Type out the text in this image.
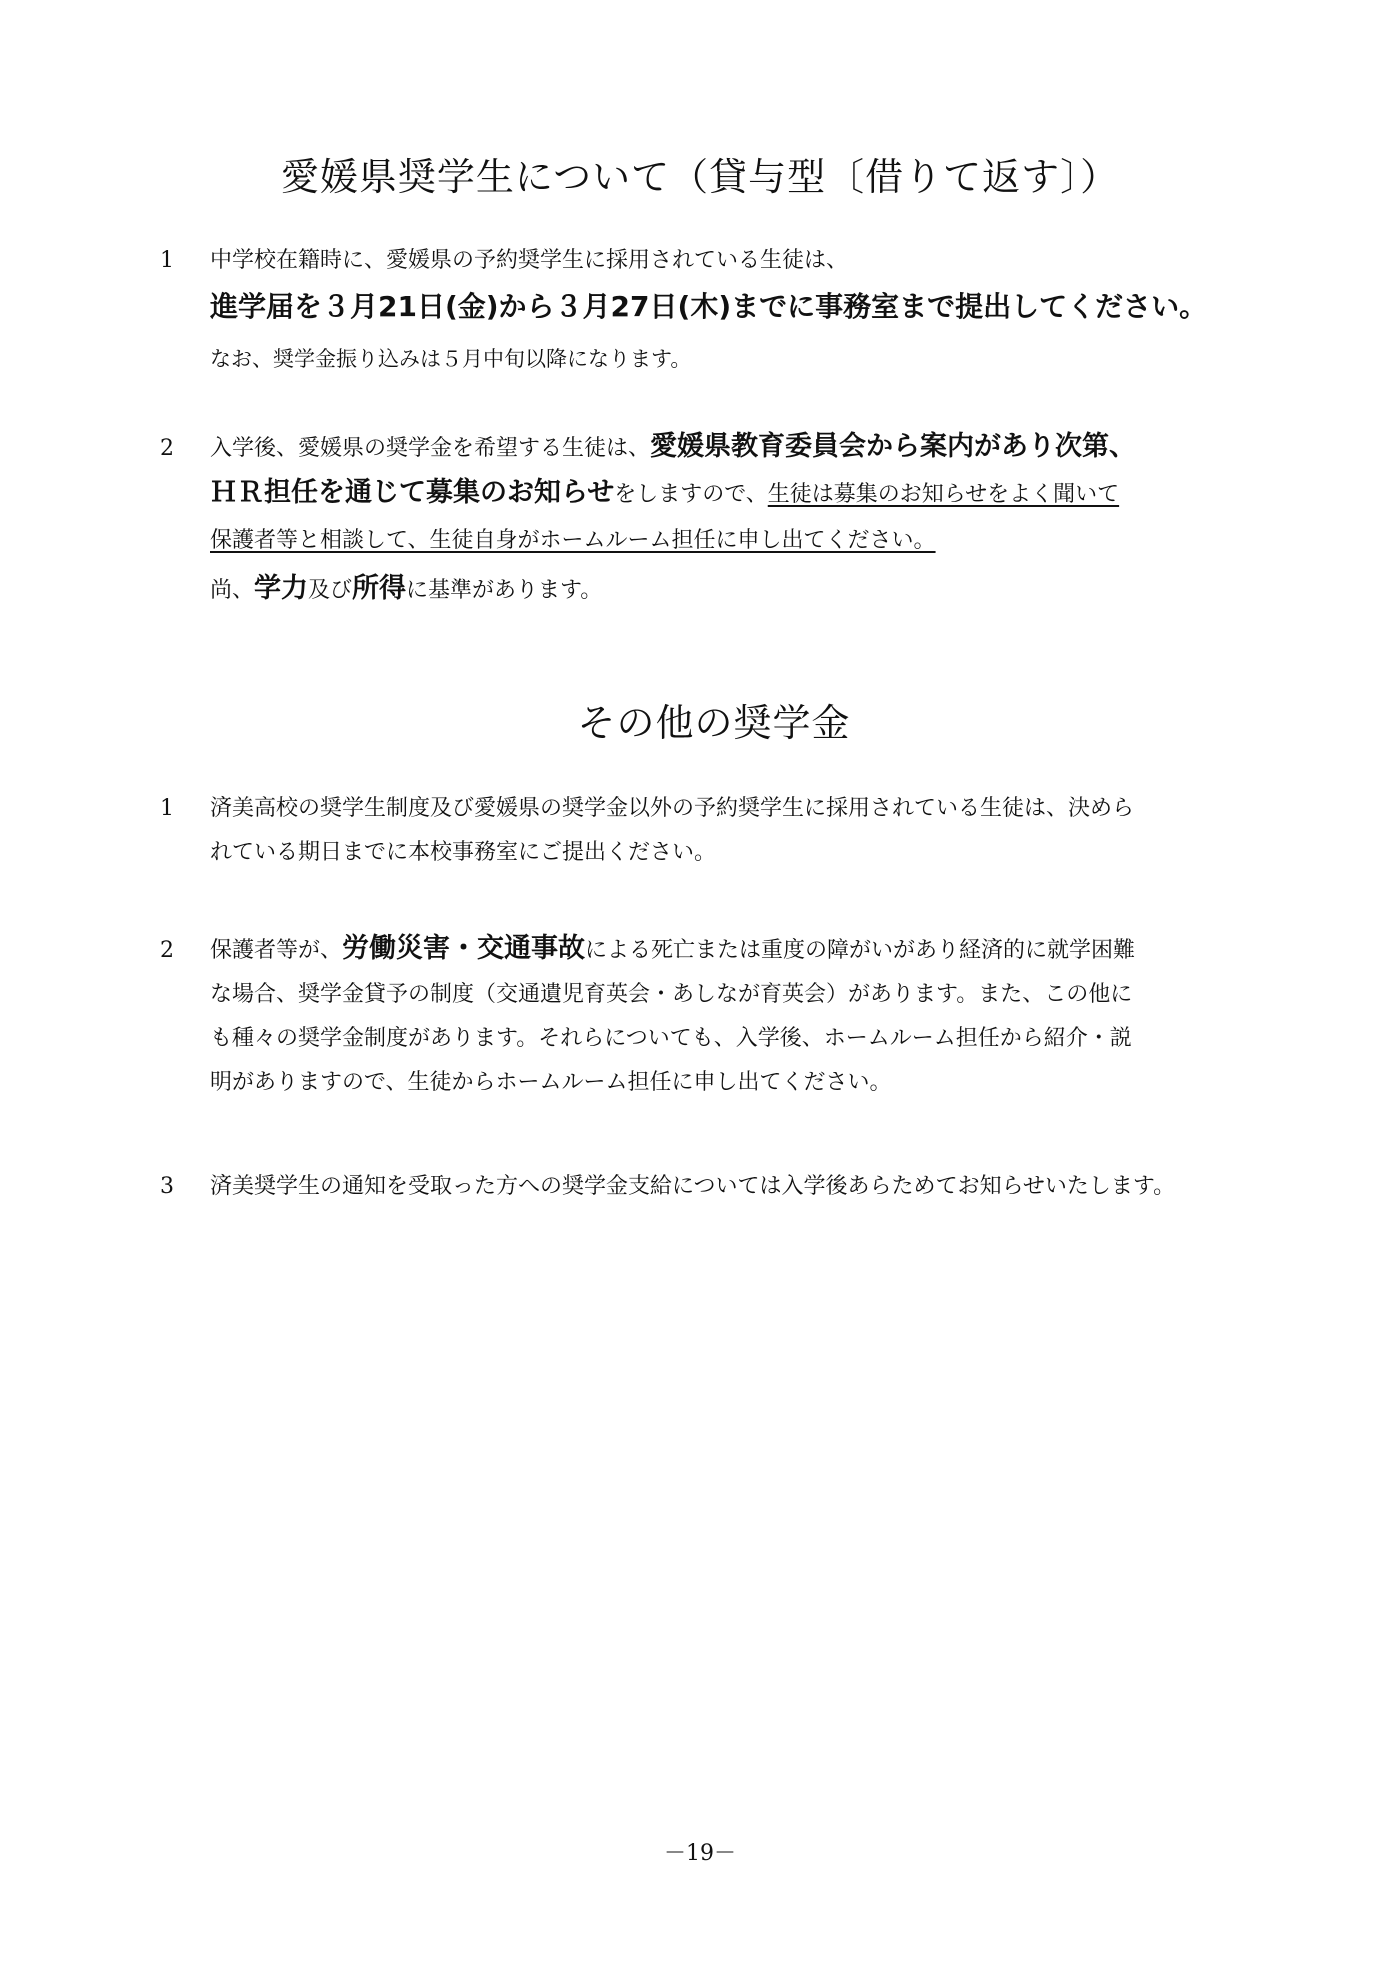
愛媛県奨学生について（貸与型〔借りて返す〕）
1	中学校在籍時に、愛媛県の予約奨学生に採用されている生徒は、
進学届を３月21日(金)から３月27日(木)までに事務室まで提出してください。
なお、奨学金振り込みは５月中旬以降になります。
2	入学後、愛媛県の奨学金を希望する生徒は、愛媛県教育委員会から案内があり次第、
ＨＲ担任を通じて募集のお知らせをしますので、生徒は募集のお知らせをよく聞いて
保護者等と相談して、生徒自身がホームルーム担任に申し出てください。
尚、学力及び所得に基準があります。
その他の奨学金
1	済美高校の奨学生制度及び愛媛県の奨学金以外の予約奨学生に採用されている生徒は、決めら
れている期日までに本校事務室にご提出ください。
2	保護者等が、労働災害・交通事故による死亡または重度の障がいがあり経済的に就学困難
な場合、奨学金貸予の制度（交通遺児育英会・あしなが育英会）があります。また、この他に
も種々の奨学金制度があります。それらについても、入学後、ホームルーム担任から紹介・説
明がありますので、生徒からホームルーム担任に申し出てください。
3	済美奨学生の通知を受取った方への奨学金支給については入学後あらためてお知らせいたします。
－19－
